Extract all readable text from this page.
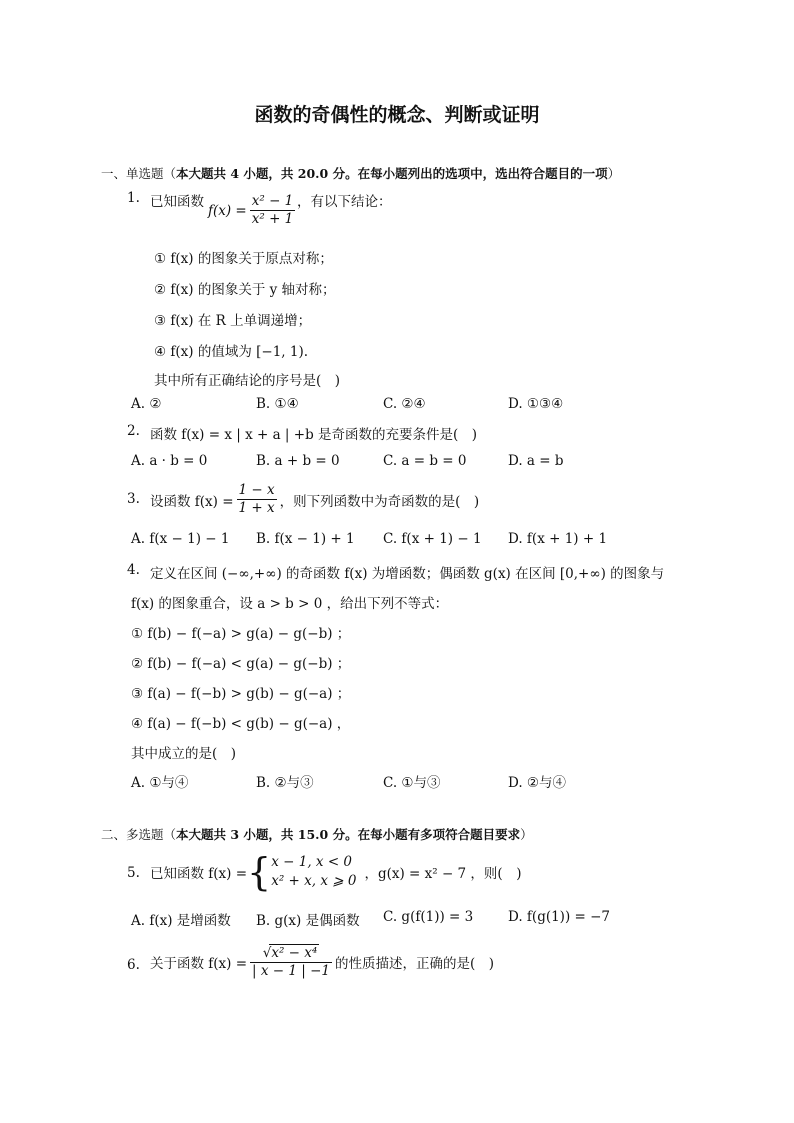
函数的奇偶性的概念、判断或证明
一、单选题（本大题共 4 小题，共 20.0 分。在每小题列出的选项中，选出符合题目的一项）
1. 已知函数
$f(x) = \frac{\text{x² − 1}}{\text{x² + 1}}$ ，有以下结论：
① f(x) 的图象关于原点对称；
② f(x) 的图象关于 y 轴对称；
③ f(x) 在 R 上单调递增；
④ f(x) 的值域为 [−1, 1).
其中所有正确结论的序号是(　)
A. ②	B. ①④	C. ②④	D. ①③④
2. 函数 f(x) = x | x + a | +b 是奇函数的充要条件是(　)
A. a · b = 0	B. a + b = 0	C. a = b = 0	D. a = b
3. 设函数 $f(x) = \frac{1 - x}{1 + x}$ ，则下列函数中为奇函数的是(　)
A. f(x − 1) − 1 B. f(x − 1) + 1 C. f(x + 1) − 1 D. f(x + 1) + 1
4. 定义在区间 (−∞,+∞) 的奇函数 f(x) 为增函数；偶函数 g(x) 在区间 [0,+∞) 的图象与
f(x) 的图象重合，设 a > b > 0 ，给出下列不等式：
① f(b) − f(−a) > g(a) − g(−b) ；
② f(b) − f(−a) < g(a) − g(−b) ；
③ f(a) − f(−b) > g(b) − g(−a) ；
④ f(a) − f(−b) < g(b) − g(−a) ，
其中成立的是(　)
A. ①与④	B. ②与③	C. ①与③	D. ②与④
二、多选题（本大题共 3 小题，共 15.0 分。在每小题有多项符合题目要求）
5. 已知函数 f(x) = { x − 1, x < 0
x² + x, x ⩾ 0 ，g(x) = x² − 7 ，则(　)
A. f(x) 是增函数 B. g(x) 是偶函数 C. g(f(1)) = 3	D. f(g(1)) = −7
6. 关于函数 $f(x) = \frac{\text{√x² − x⁴}}{| x - 1 | -1}$ 的性质描述，正确的是(　)
